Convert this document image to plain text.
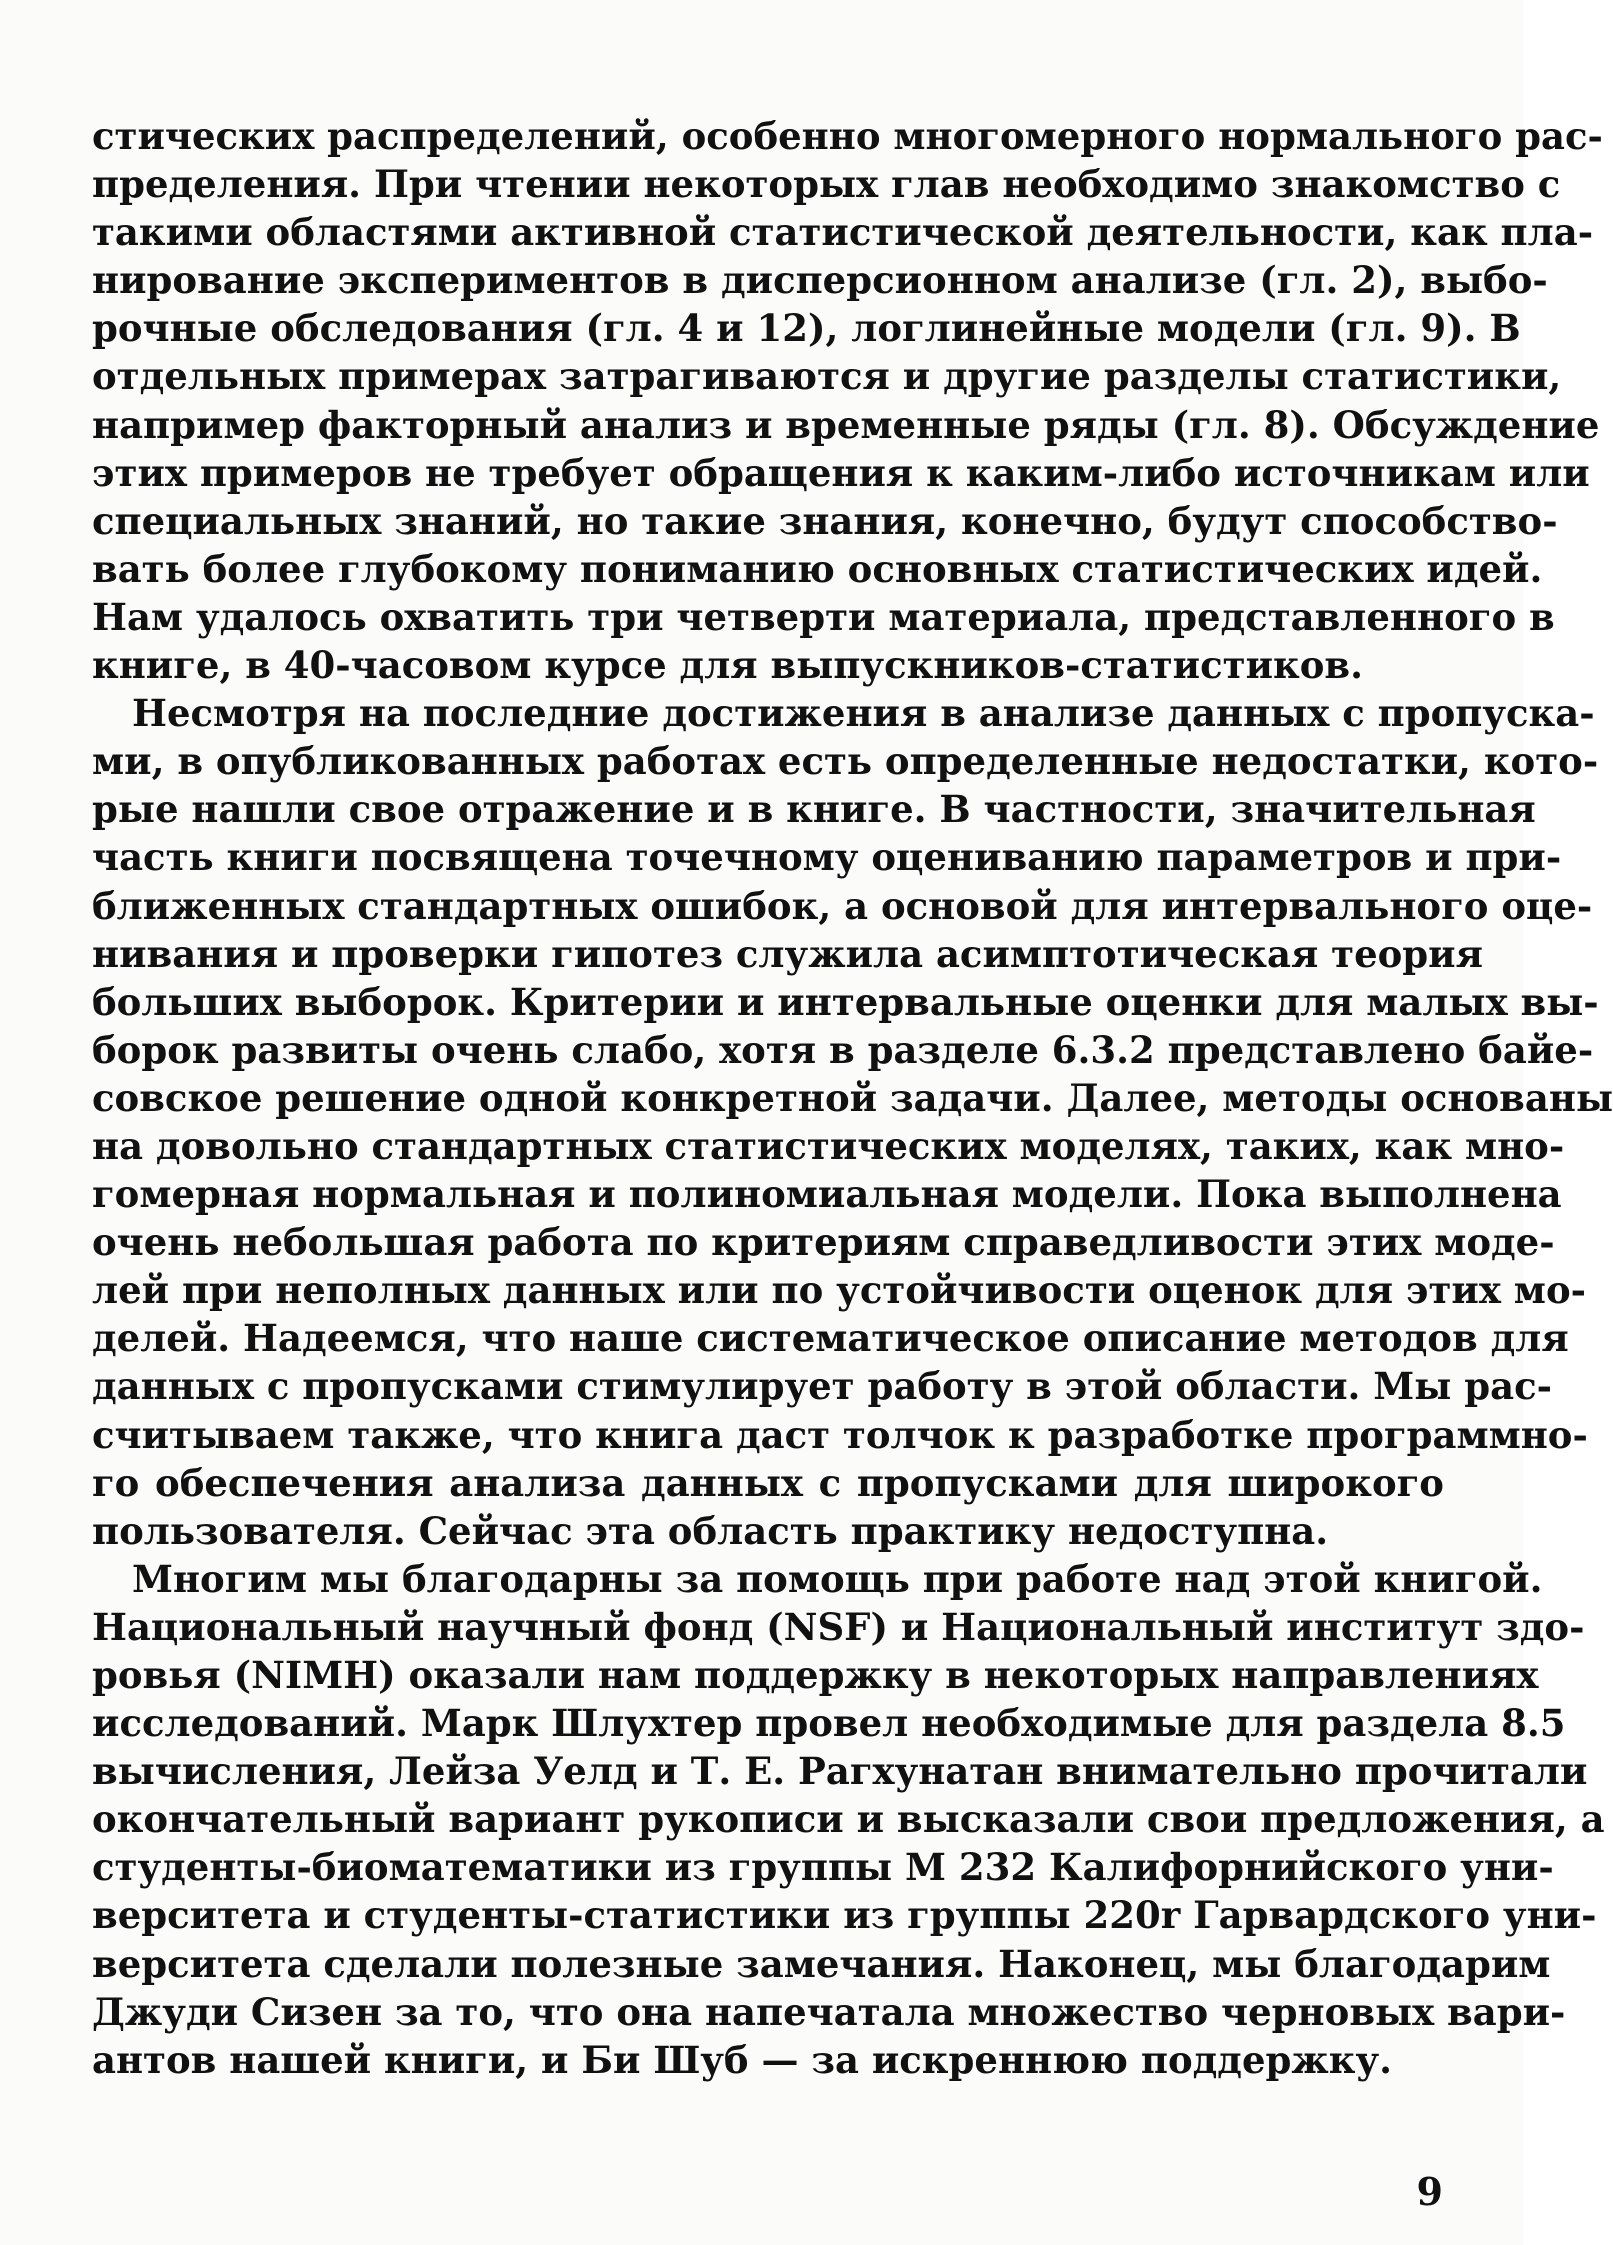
стических распределений, особенно многомерного нормального рас-
пределения. При чтении некоторых глав необходимо знакомство с
такими областями активной статистической деятельности, как пла-
нирование экспериментов в дисперсионном анализе (гл. 2), выбо-
рочные обследования (гл. 4 и 12), логлинейные модели (гл. 9). В
отдельных примерах затрагиваются и другие разделы статистики,
например факторный анализ и временные ряды (гл. 8). Обсуждение
этих примеров не требует обращения к каким-либо источникам или
специальных знаний, но такие знания, конечно, будут способство-
вать более глубокому пониманию основных статистических идей.
Нам удалось охватить три четверти материала, представленного в
книге, в 40-часовом курсе для выпускников-статистиков.
Несмотря на последние достижения в анализе данных с пропуска-
ми, в опубликованных работах есть определенные недостатки, кото-
рые нашли свое отражение и в книге. В частности, значительная
часть книги посвящена точечному оцениванию параметров и при-
ближенных стандартных ошибок, а основой для интервального оце-
нивания и проверки гипотез служила асимптотическая теория
больших выборок. Критерии и интервальные оценки для малых вы-
борок развиты очень слабо, хотя в разделе 6.3.2 представлено байе-
совское решение одной конкретной задачи. Далее, методы основаны
на довольно стандартных статистических моделях, таких, как мно-
гомерная нормальная и полиномиальная модели. Пока выполнена
очень небольшая работа по критериям справедливости этих моде-
лей при неполных данных или по устойчивости оценок для этих мо-
делей. Надеемся, что наше систематическое описание методов для
данных с пропусками стимулирует работу в этой области. Мы рас-
считываем также, что книга даст толчок к разработке программно-
го обеспечения анализа данных с пропусками для широкого
пользователя. Сейчас эта область практику недоступна.
Многим мы благодарны за помощь при работе над этой книгой.
Национальный научный фонд (NSF) и Национальный институт здо-
ровья (NIMH) оказали нам поддержку в некоторых направлениях
исследований. Марк Шлухтер провел необходимые для раздела 8.5
вычисления, Лейза Уелд и Т. Е. Рагхунатан внимательно прочитали
окончательный вариант рукописи и высказали свои предложения, а
студенты-биоматематики из группы М 232 Калифорнийского уни-
верситета и студенты-статистики из группы 220r Гарвардского уни-
верситета сделали полезные замечания. Наконец, мы благодарим
Джуди Сизен за то, что она напечатала множество черновых вари-
антов нашей книги, и Би Шуб — за искреннюю поддержку.
9
